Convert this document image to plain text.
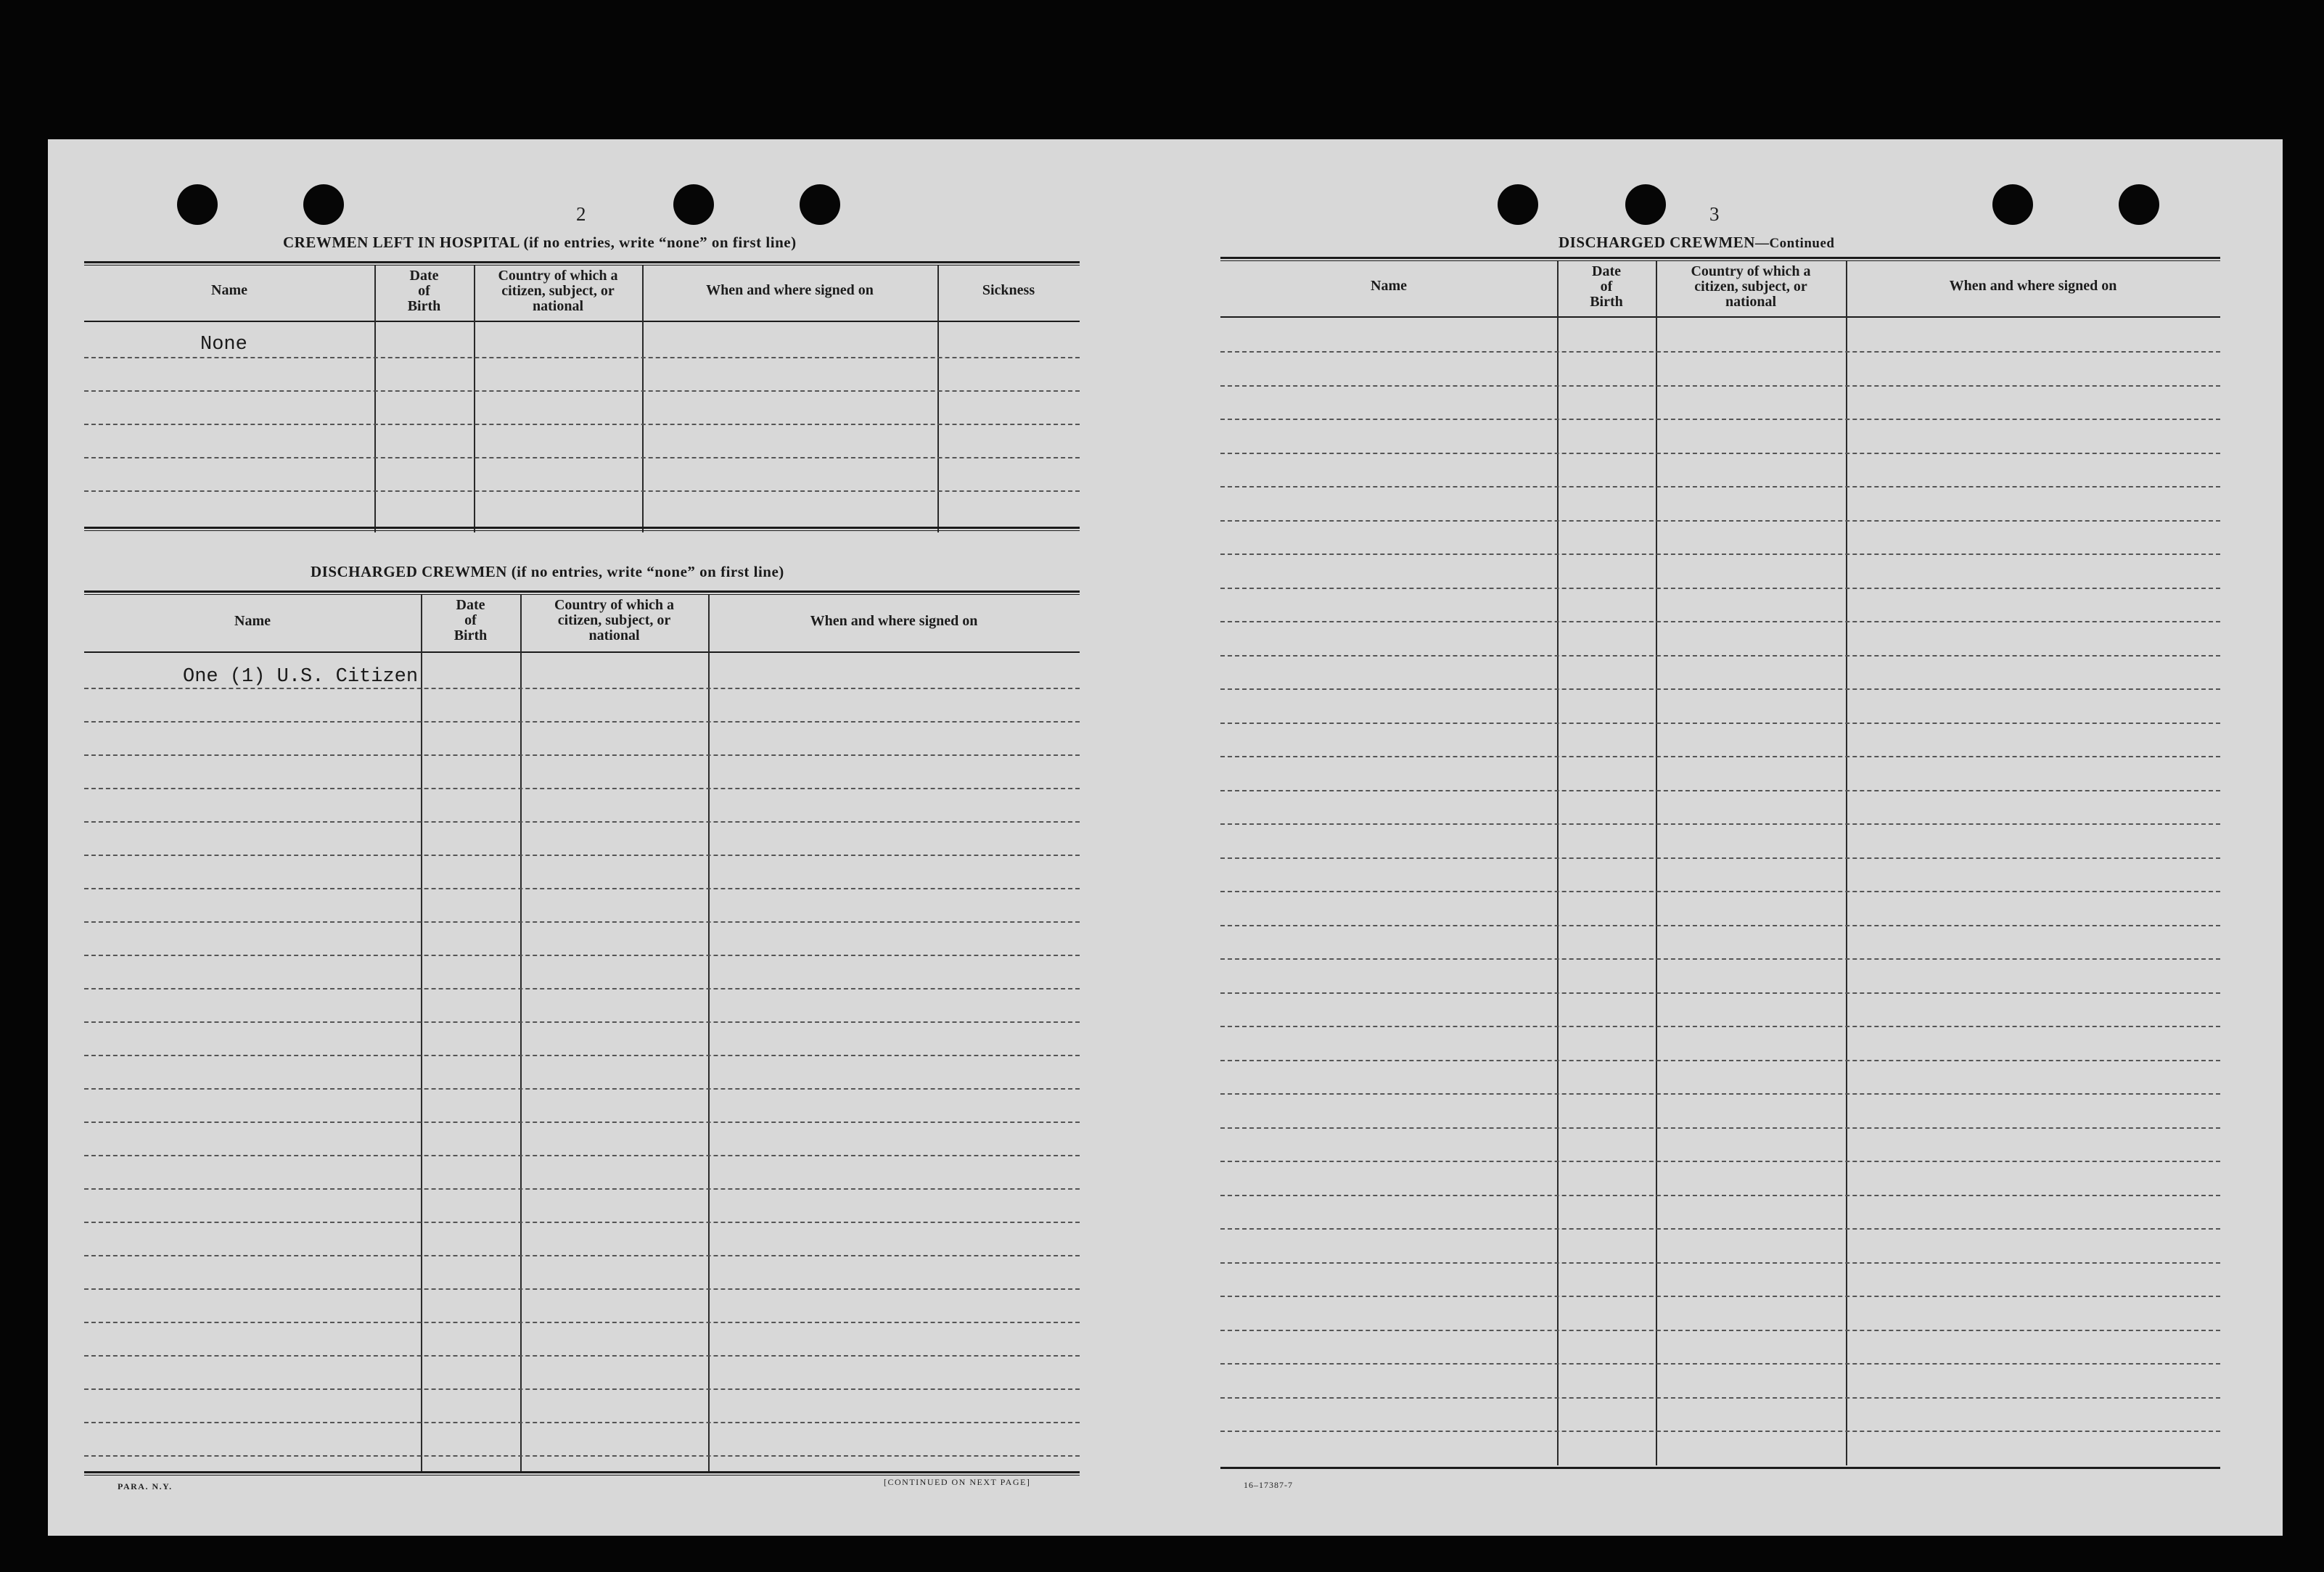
2
CREWMEN LEFT IN HOSPITAL (if no entries, write “none” on first line)
Name
Date
of
Birth
Country of which a
citizen, subject, or
national
When and where signed on	Sickness
None
DISCHARGED CREWMEN (if no entries, write “none” on first line)
Name
Date
of
Birth
Country of which a
citizen, subject, or
national
When and where signed on
One (1) U.S. Citizen
PARA. N.Y.	[CONTINUED ON NEXT PAGE]
3
DISCHARGED CREWMEN—Continued
Name
Date
of
Birth
Country of which a
citizen, subject, or
national
When and where signed on
16–17387-7
